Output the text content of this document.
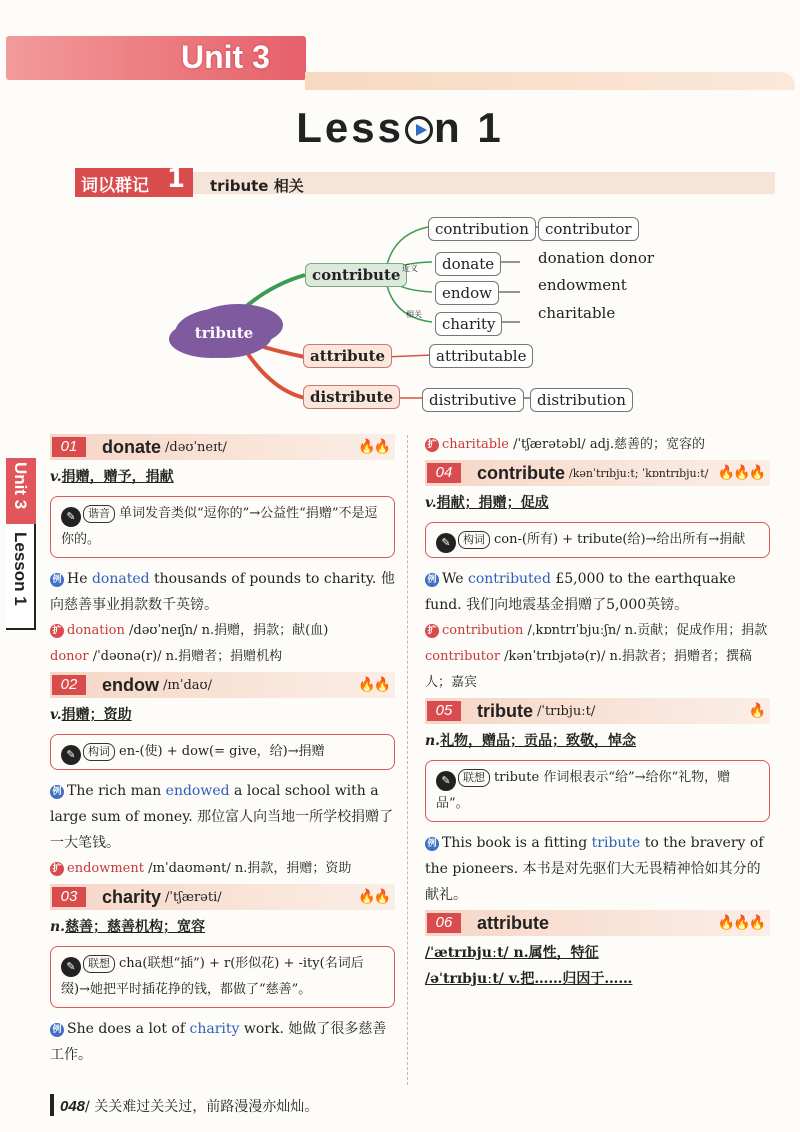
Unit 3
Less n 1
词以群记 1 tribute 相关
tribute
contribute
attribute
distribute
contribution	contributor
donate	donation donor
endow	endowment
charity
charitable
attributable
distributive	distribution
近义
相关
Unit 3
Lesson 1
01	donate /dəʊˈneɪt/	🔥🔥
v.捐赠，赠予，捐献
✎ 谐音 单词发音类似“逗你的”→公益性“捐赠”不是逗你的。
例 He donated thousands of pounds to charity. 他向慈善事业捐款数千英镑。
扩 donation /dəʊˈneɪʃn/ n.捐赠，捐款；献(血)
donor /ˈdəʊnə(r)/ n.捐赠者；捐赠机构
02	endow /ɪnˈdaʊ/	🔥🔥
v.捐赠；资助
✎ 构词 en-(使) + dow(= give，给)→捐赠
例 The rich man endowed a local school with a large sum of money. 那位富人向当地一所学校捐赠了一大笔钱。
扩 endowment /ɪnˈdaʊmənt/ n.捐款，捐赠；资助
03	charity /ˈtʃærəti/	🔥🔥
n.慈善；慈善机构；宽容
✎ 联想 cha(联想“插”) + r(形似花) + -ity(名词后缀)→她把平时插花挣的钱，都做了“慈善”。
例 She does a lot of charity work. 她做了很多慈善工作。
扩 charitable /ˈtʃærətəbl/ adj.慈善的；宽容的
04	contribute /kənˈtrɪbjuːt; ˈkɒntrɪbjuːt/ 🔥🔥🔥
v.捐献；捐赠；促成
✎ 构词 con-(所有) + tribute(给)→给出所有→捐献
例 We contributed £5,000 to the earthquake fund. 我们向地震基金捐赠了5,000英镑。
扩 contribution /ˌkɒntrɪˈbjuːʃn/ n.贡献；促成作用；捐款
contributor /kənˈtrɪbjətə(r)/ n.捐款者；捐赠者；撰稿人；嘉宾
05	tribute /ˈtrɪbjuːt/	🔥
n.礼物，赠品；贡品；致敬，悼念
✎ 联想 tribute 作词根表示“给”→给你“礼物，赠品”。
例 This book is a fitting tribute to the bravery of the pioneers. 本书是对先驱们大无畏精神恰如其分的献礼。
06	attribute	🔥🔥🔥
/ˈætrɪbjuːt/ n.属性，特征
/əˈtrɪbjuːt/ v.把……归因于……
048/ 关关难过关关过，前路漫漫亦灿灿。
